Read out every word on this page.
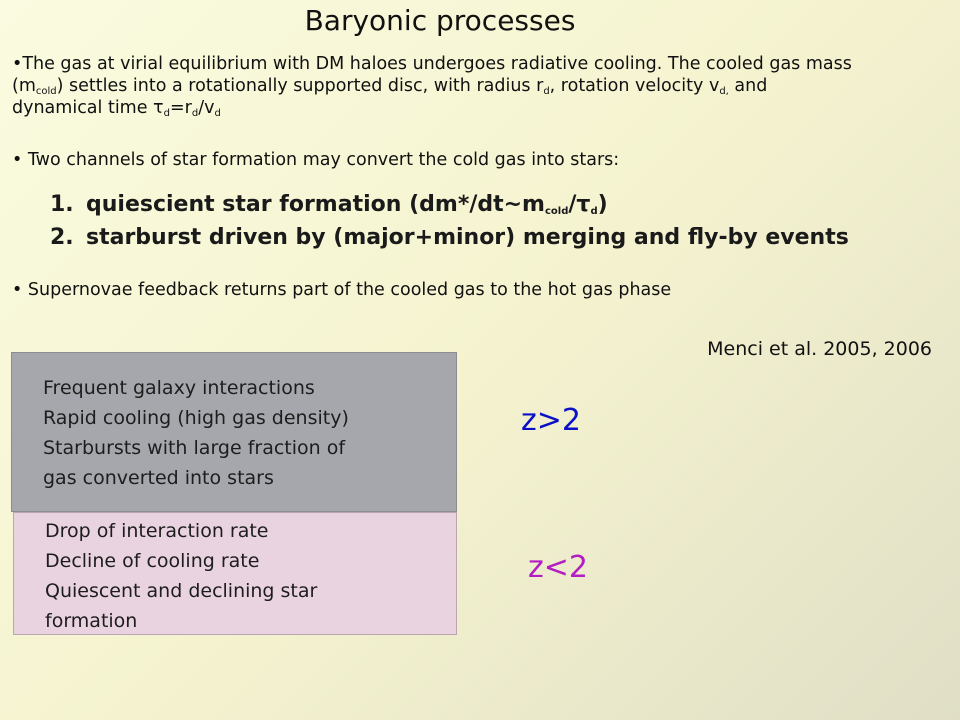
Baryonic processes
•The gas at virial equilibrium with DM haloes undergoes radiative cooling. The cooled gas mass $(m_{cold})$ settles into a rotationally supported disc, with radius $r_d$, rotation velocity $v_{d,}$ and dynamical time $\tau_d=r_d/v_d$
• Two channels of star formation may convert the cold gas into stars:
1. quiescient star formation $(dm*/dt\sim m_{cold}/\tau_d)$
2. starburst driven by (major+minor) merging and fly-by events
• Supernovae feedback returns part of the cooled gas to the hot gas phase
Menci et al. 2005, 2006
Frequent galaxy interactions
Rapid cooling (high gas density)
Starbursts with large fraction of
gas converted into stars
Drop of interaction rate
Decline of cooling rate
Quiescent and declining star
formation
z>2
z<2
